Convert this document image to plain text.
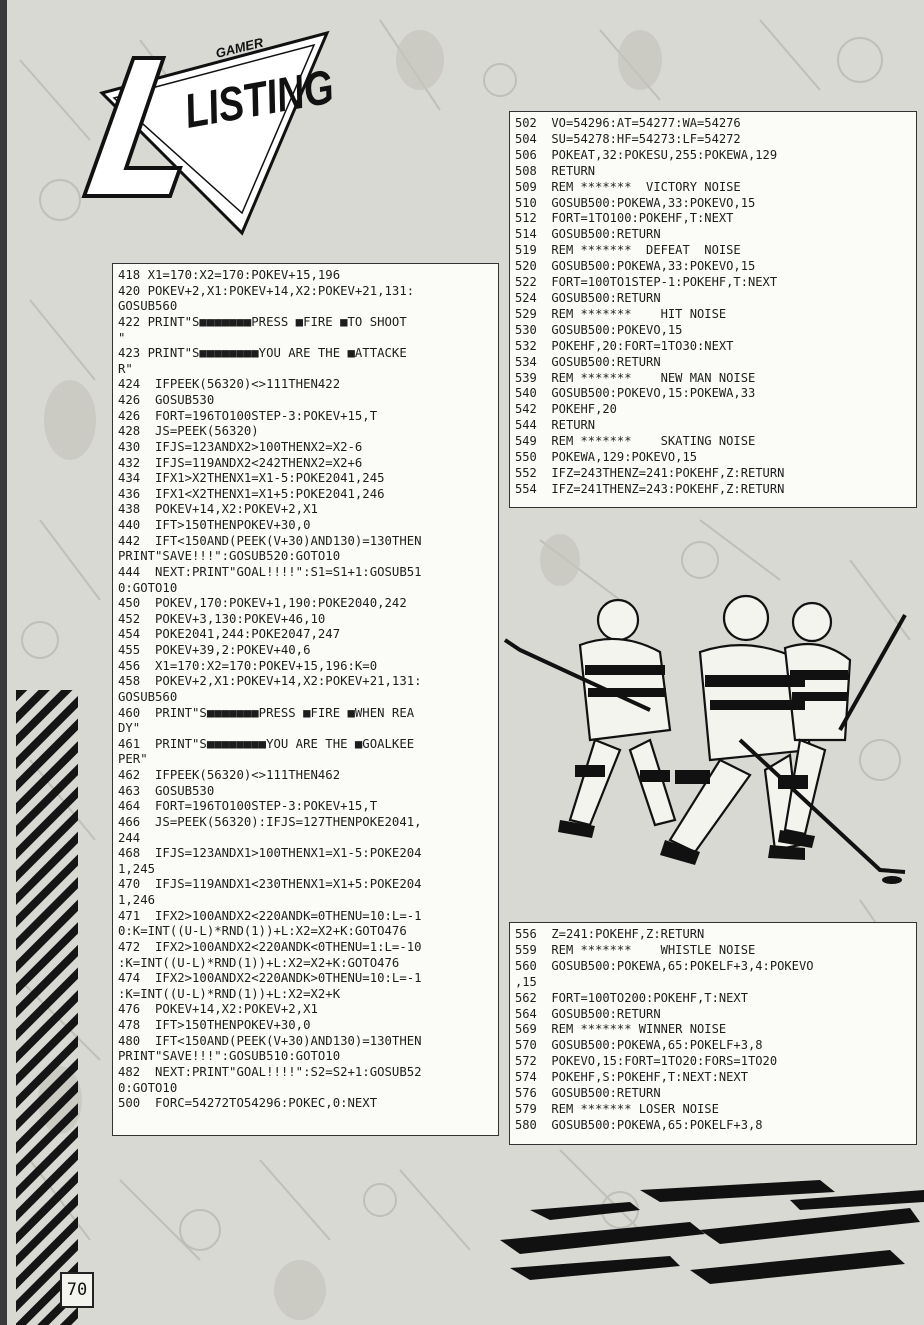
GAMER
LISTING
418 X1=170:X2=170:POKEV+15,196
420 POKEV+2,X1:POKEV+14,X2:POKEV+21,131:
GOSUB560
422 PRINT"S■■■■■■■PRESS ■FIRE ■TO SHOOT
"
423 PRINT"S■■■■■■■■YOU ARE THE ■ATTACKE
R"
424  IFPEEK(56320)<>111THEN422
426  GOSUB530
426  FORT=196TO100STEP-3:POKEV+15,T
428  JS=PEEK(56320)
430  IFJS=123ANDX2>100THENX2=X2-6
432  IFJS=119ANDX2<242THENX2=X2+6
434  IFX1>X2THENX1=X1-5:POKE2041,245
436  IFX1<X2THENX1=X1+5:POKE2041,246
438  POKEV+14,X2:POKEV+2,X1
440  IFT>150THENPOKEV+30,0
442  IFT<150AND(PEEK(V+30)AND130)=130THEN
PRINT"SAVE!!!":GOSUB520:GOTO10
444  NEXT:PRINT"GOAL!!!!":S1=S1+1:GOSUB51
0:GOTO10
450  POKEV,170:POKEV+1,190:POKE2040,242
452  POKEV+3,130:POKEV+46,10
454  POKE2041,244:POKE2047,247
455  POKEV+39,2:POKEV+40,6
456  X1=170:X2=170:POKEV+15,196:K=0
458  POKEV+2,X1:POKEV+14,X2:POKEV+21,131:
GOSUB560
460  PRINT"S■■■■■■■PRESS ■FIRE ■WHEN REA
DY"
461  PRINT"S■■■■■■■■YOU ARE THE ■GOALKEE
PER"
462  IFPEEK(56320)<>111THEN462
463  GOSUB530
464  FORT=196TO100STEP-3:POKEV+15,T
466  JS=PEEK(56320):IFJS=127THENPOKE2041,
244
468  IFJS=123ANDX1>100THENX1=X1-5:POKE204
1,245
470  IFJS=119ANDX1<230THENX1=X1+5:POKE204
1,246
471  IFX2>100ANDX2<220ANDK=0THENU=10:L=-1
0:K=INT((U-L)*RND(1))+L:X2=X2+K:GOTO476
472  IFX2>100ANDX2<220ANDK<0THENU=1:L=-10
:K=INT((U-L)*RND(1))+L:X2=X2+K:GOTO476
474  IFX2>100ANDX2<220ANDK>0THENU=10:L=-1
:K=INT((U-L)*RND(1))+L:X2=X2+K
476  POKEV+14,X2:POKEV+2,X1
478  IFT>150THENPOKEV+30,0
480  IFT<150AND(PEEK(V+30)AND130)=130THEN
PRINT"SAVE!!!":GOSUB510:GOTO10
482  NEXT:PRINT"GOAL!!!!":S2=S2+1:GOSUB52
0:GOTO10
500  FORC=54272TO54296:POKEC,0:NEXT
502  VO=54296:AT=54277:WA=54276
504  SU=54278:HF=54273:LF=54272
506  POKEAT,32:POKESU,255:POKEWA,129
508  RETURN
509  REM *******  VICTORY NOISE
510  GOSUB500:POKEWA,33:POKEVO,15
512  FORT=1TO100:POKEHF,T:NEXT
514  GOSUB500:RETURN
519  REM *******  DEFEAT  NOISE
520  GOSUB500:POKEWA,33:POKEVO,15
522  FORT=100TO1STEP-1:POKEHF,T:NEXT
524  GOSUB500:RETURN
529  REM *******    HIT NOISE
530  GOSUB500:POKEVO,15
532  POKEHF,20:FORT=1TO30:NEXT
534  GOSUB500:RETURN
539  REM *******    NEW MAN NOISE
540  GOSUB500:POKEVO,15:POKEWA,33
542  POKEHF,20
544  RETURN
549  REM *******    SKATING NOISE
550  POKEWA,129:POKEVO,15
552  IFZ=243THENZ=241:POKEHF,Z:RETURN
554  IFZ=241THENZ=243:POKEHF,Z:RETURN
556  Z=241:POKEHF,Z:RETURN
559  REM *******    WHISTLE NOISE
560  GOSUB500:POKEWA,65:POKELF+3,4:POKEVO
,15
562  FORT=100TO200:POKEHF,T:NEXT
564  GOSUB500:RETURN
569  REM ******* WINNER NOISE
570  GOSUB500:POKEWA,65:POKELF+3,8
572  POKEVO,15:FORT=1TO20:FORS=1TO20
574  POKEHF,S:POKEHF,T:NEXT:NEXT
576  GOSUB500:RETURN
579  REM ******* LOSER NOISE
580  GOSUB500:POKEWA,65:POKELF+3,8
70
